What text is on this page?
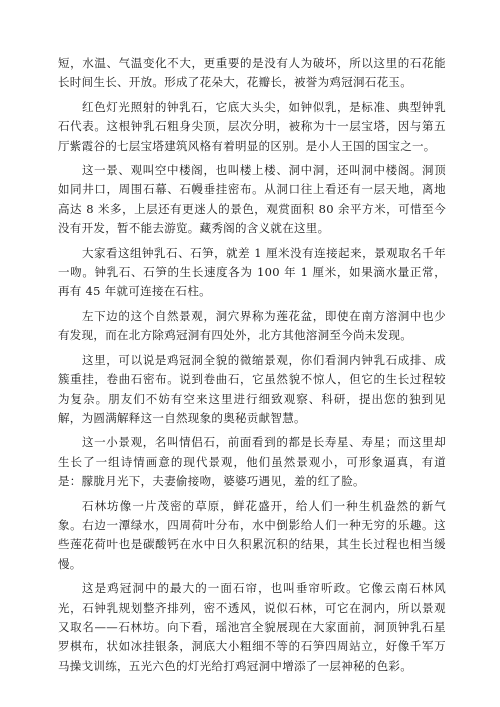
短，水温、气温变化不大，更重要的是没有人为破坏，所以这里的石花能长时间生长、开放。形成了花朵大，花瓣长，被誉为鸡冠洞石花玉。

红色灯光照射的钟乳石，它底大头尖，如钟似乳，是标准、典型钟乳石代表。这根钟乳石粗身尖顶，层次分明，被称为十一层宝塔，因与第五厅紫霞谷的七层宝塔建筑风格有着明显的区别。是小人王国的国宝之一。

这一景、观叫空中楼阁，也叫楼上楼、洞中洞，还叫洞中楼阁。洞顶如同井口，周围石幕、石幔垂挂密布。从洞口往上看还有一层天地，离地高达 8 米多，上层还有更迷人的景色，观赏面积 80 余平方米，可惜至今没有开发，暂不能去游览。藏秀阁的含义就在这里。

大家看这组钟乳石、石笋，就差 1 厘米没有连接起来，景观取名千年一吻。钟乳石、石笋的生长速度各为 100 年 1 厘米，如果滴水量正常，再有 45 年就可连接在石柱。

左下边的这个自然景观，洞穴界称为莲花盆，即使在南方溶洞中也少有发现，而在北方除鸡冠洞有四处外，北方其他溶洞至今尚未发现。

这里，可以说是鸡冠洞全貌的微缩景观，你们看洞内钟乳石成排、成簇重挂，卷曲石密布。说到卷曲石，它虽然貌不惊人，但它的生长过程较为复杂。朋友们不妨有空来这里进行细致观察、科研，提出您的独到见解，为圆满解释这一自然现象的奥秘贡献智慧。

这一小景观，名叫情侣石，前面看到的都是长寿星、寿星；而这里却生长了一组诗情画意的现代景观，他们虽然景观小，可形象逼真，有道是：朦胧月光下，夫妻偷接吻，婆婆巧遇见，羞的红了脸。

石林坊像一片茂密的草原，鲜花盛开，给人们一种生机盎然的新气象。右边一潭绿水，四周荷叶分布，水中倒影给人们一种无穷的乐趣。这些莲花荷叶也是碳酸钙在水中日久积累沉积的结果，其生长过程也相当缓慢。

这是鸡冠洞中的最大的一面石帘，也叫垂帘听政。它像云南石林风光，石钟乳规划整齐排列，密不透风，说似石林，可它在洞内，所以景观又取名——石林坊。向下看，瑶池宫全貌展现在大家面前，洞顶钟乳石星罗棋布，状如冰挂银条，洞底大小粗细不等的石笋四周站立，好像千军万马操戈训练，五光六色的灯光给打鸡冠洞中增添了一层神秘的色彩。
